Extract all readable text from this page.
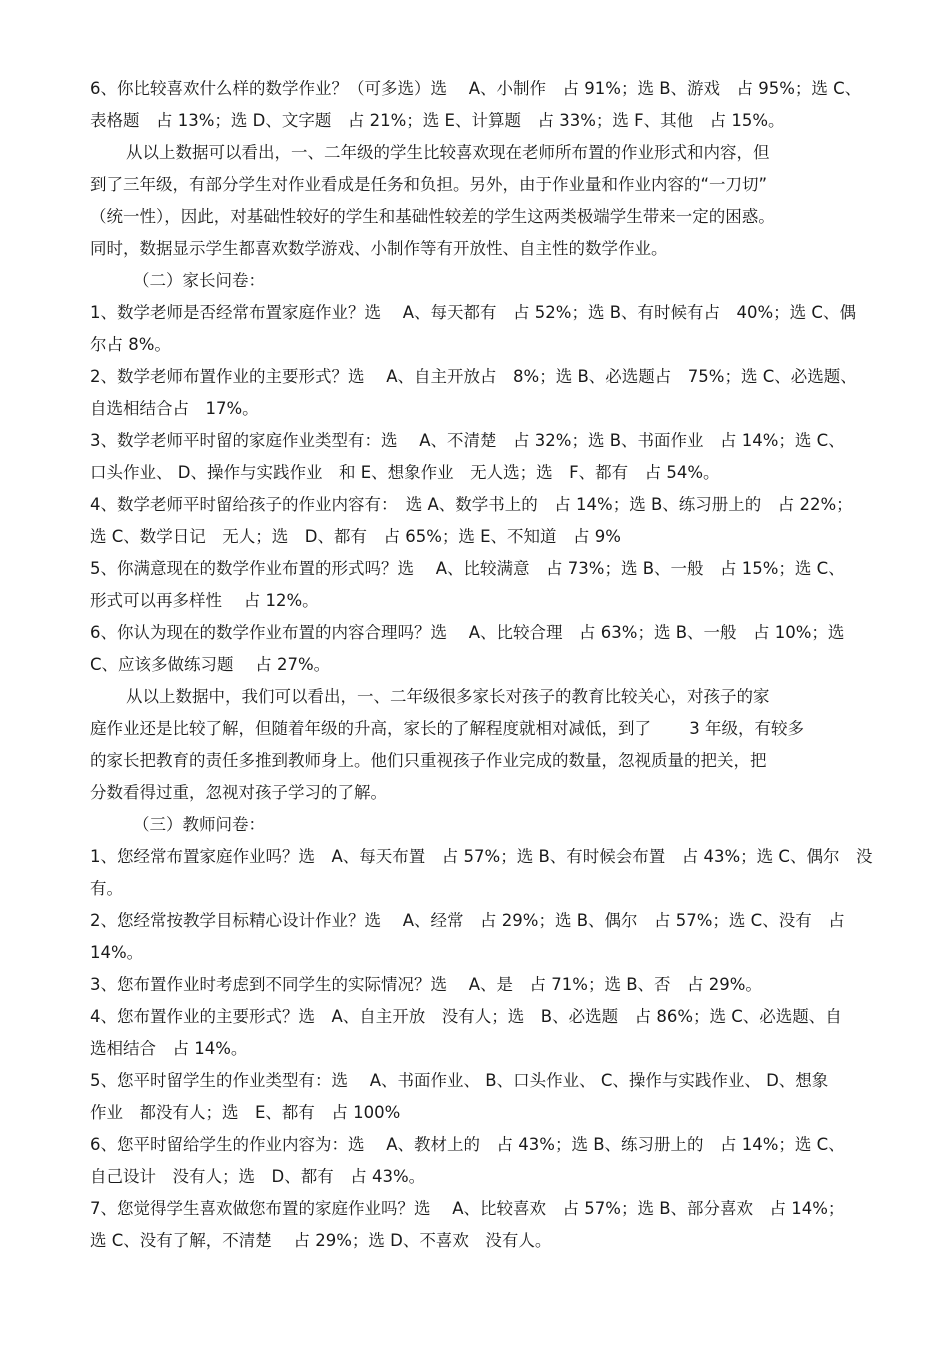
6、你比较喜欢什么样的数学作业？（可多选）选　 A、小制作　占 91%；选 B、游戏　占 95%；选 C、
表格题　占 13%；选 D、文字题　占 21%；选 E、计算题　占 33%；选 F、其他　占 15%。
从以上数据可以看出，一、二年级的学生比较喜欢现在老师所布置的作业形式和内容，但
到了三年级，有部分学生对作业看成是任务和负担。另外，由于作业量和作业内容的“一刀切”
（统一性），因此，对基础性较好的学生和基础性较差的学生这两类极端学生带来一定的困惑。
同时，数据显示学生都喜欢数学游戏、小制作等有开放性、自主性的数学作业。
（二）家长问卷：
1、数学老师是否经常布置家庭作业？选　 A、每天都有　占 52%；选 B、有时候有占　40%；选 C、偶
尔占 8%。
2、数学老师布置作业的主要形式？选　 A、自主开放占　8%；选 B、必选题占　75%；选 C、必选题、
自选相结合占　17%。
3、数学老师平时留的家庭作业类型有：选　 A、不清楚　占 32%；选 B、书面作业　占 14%；选 C、
口头作业、 D、操作与实践作业　和 E、想象作业　无人选；选　F、都有　占 54%。
4、数学老师平时留给孩子的作业内容有：　选 A、数学书上的　占 14%；选 B、练习册上的　占 22%；
选 C、数学日记　无人；选　D、都有　占 65%；选 E、不知道　占 9%
5、你满意现在的数学作业布置的形式吗？选　 A、比较满意　占 73%；选 B、一般　占 15%；选 C、
形式可以再多样性　 占 12%。
6、你认为现在的数学作业布置的内容合理吗？选　 A、比较合理　占 63%；选 B、一般　占 10%；选
C、应该多做练习题　 占 27%。
从以上数据中，我们可以看出，一、二年级很多家长对孩子的教育比较关心，对孩子的家
庭作业还是比较了解，但随着年级的升高，家长的了解程度就相对减低，到了　　 3 年级，有较多
的家长把教育的责任多推到教师身上。他们只重视孩子作业完成的数量，忽视质量的把关，把
分数看得过重，忽视对孩子学习的了解。
（三）教师问卷：
1、您经常布置家庭作业吗？选　A、每天布置　占 57%；选 B、有时候会布置　占 43%；选 C、偶尔　没
有。
2、您经常按教学目标精心设计作业？选　 A、经常　占 29%；选 B、偶尔　占 57%；选 C、没有　占
14%。
3、您布置作业时考虑到不同学生的实际情况？选　 A、是　占 71%；选 B、否　占 29%。
4、您布置作业的主要形式？选　A、自主开放　没有人；选　B、必选题　占 86%；选 C、必选题、自
选相结合　占 14%。
5、您平时留学生的作业类型有：选　 A、书面作业、 B、口头作业、 C、操作与实践作业、 D、想象
作业　都没有人；选　E、都有　占 100%
6、您平时留给学生的作业内容为：选　 A、教材上的　占 43%；选 B、练习册上的　占 14%；选 C、
自己设计　没有人；选　D、都有　占 43%。
7、您觉得学生喜欢做您布置的家庭作业吗？选　 A、比较喜欢　占 57%；选 B、部分喜欢　占 14%；
选 C、没有了解，不清楚　 占 29%；选 D、不喜欢　没有人。
